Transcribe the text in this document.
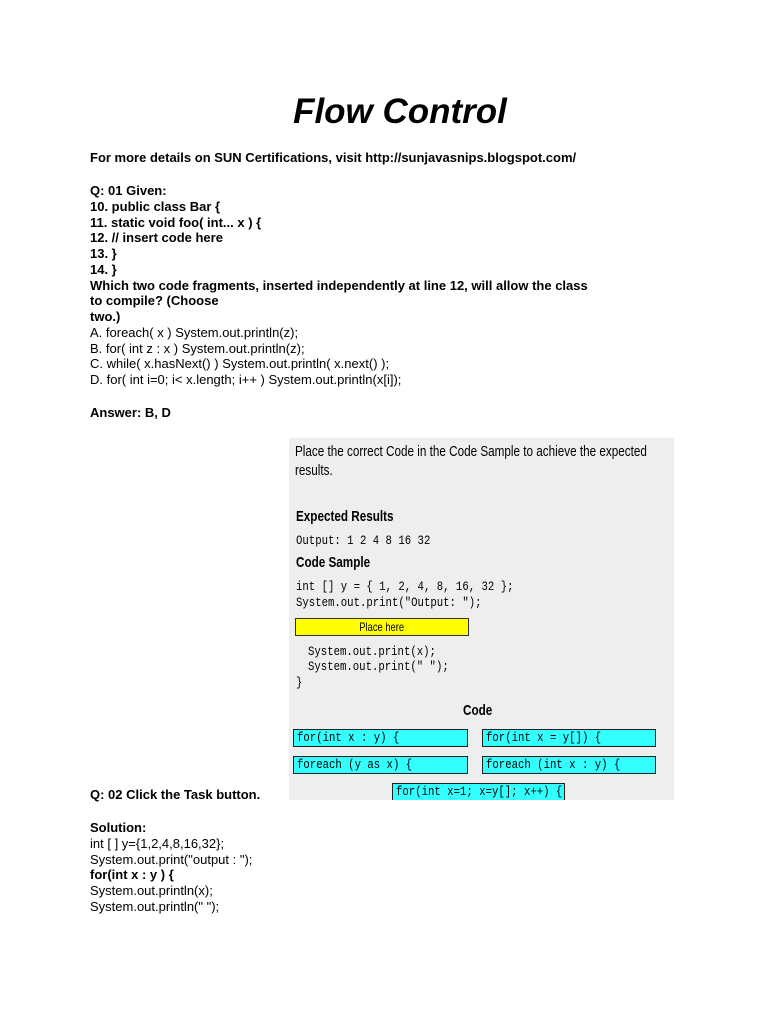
Flow Control
For more details on SUN Certifications, visit http://sunjavasnips.blogspot.com/
Q: 01 Given:
10. public class Bar {
11. static void foo( int... x ) {
12. // insert code here
13. }
14. }
Which two code fragments, inserted independently at line 12, will allow the class
to compile? (Choose
two.)
A. foreach( x ) System.out.println(z);
B. for( int z : x ) System.out.println(z);
C. while( x.hasNext() ) System.out.println( x.next() );
D. for( int i=0; i< x.length; i++ ) System.out.println(x[i]);
Answer: B, D
Place the correct Code in the Code Sample to achieve the expected
results.
Expected Results
Output: 1 2 4 8 16 32
Code Sample
int [] y = { 1, 2, 4, 8, 16, 32 };
System.out.print("Output: ");
Place here
System.out.print(x);
System.out.print(" ");
}
Code
for(int x : y) {	for(int x = y[]) {
foreach (y as x) {	foreach (int x : y) {
for(int x=1; x=y[]; x++) {
Q: 02 Click the Task button.
Solution:
int [ ] y={1,2,4,8,16,32};
System.out.print("output : ");
for(int x : y ) {
System.out.println(x);
System.out.println(" ");
